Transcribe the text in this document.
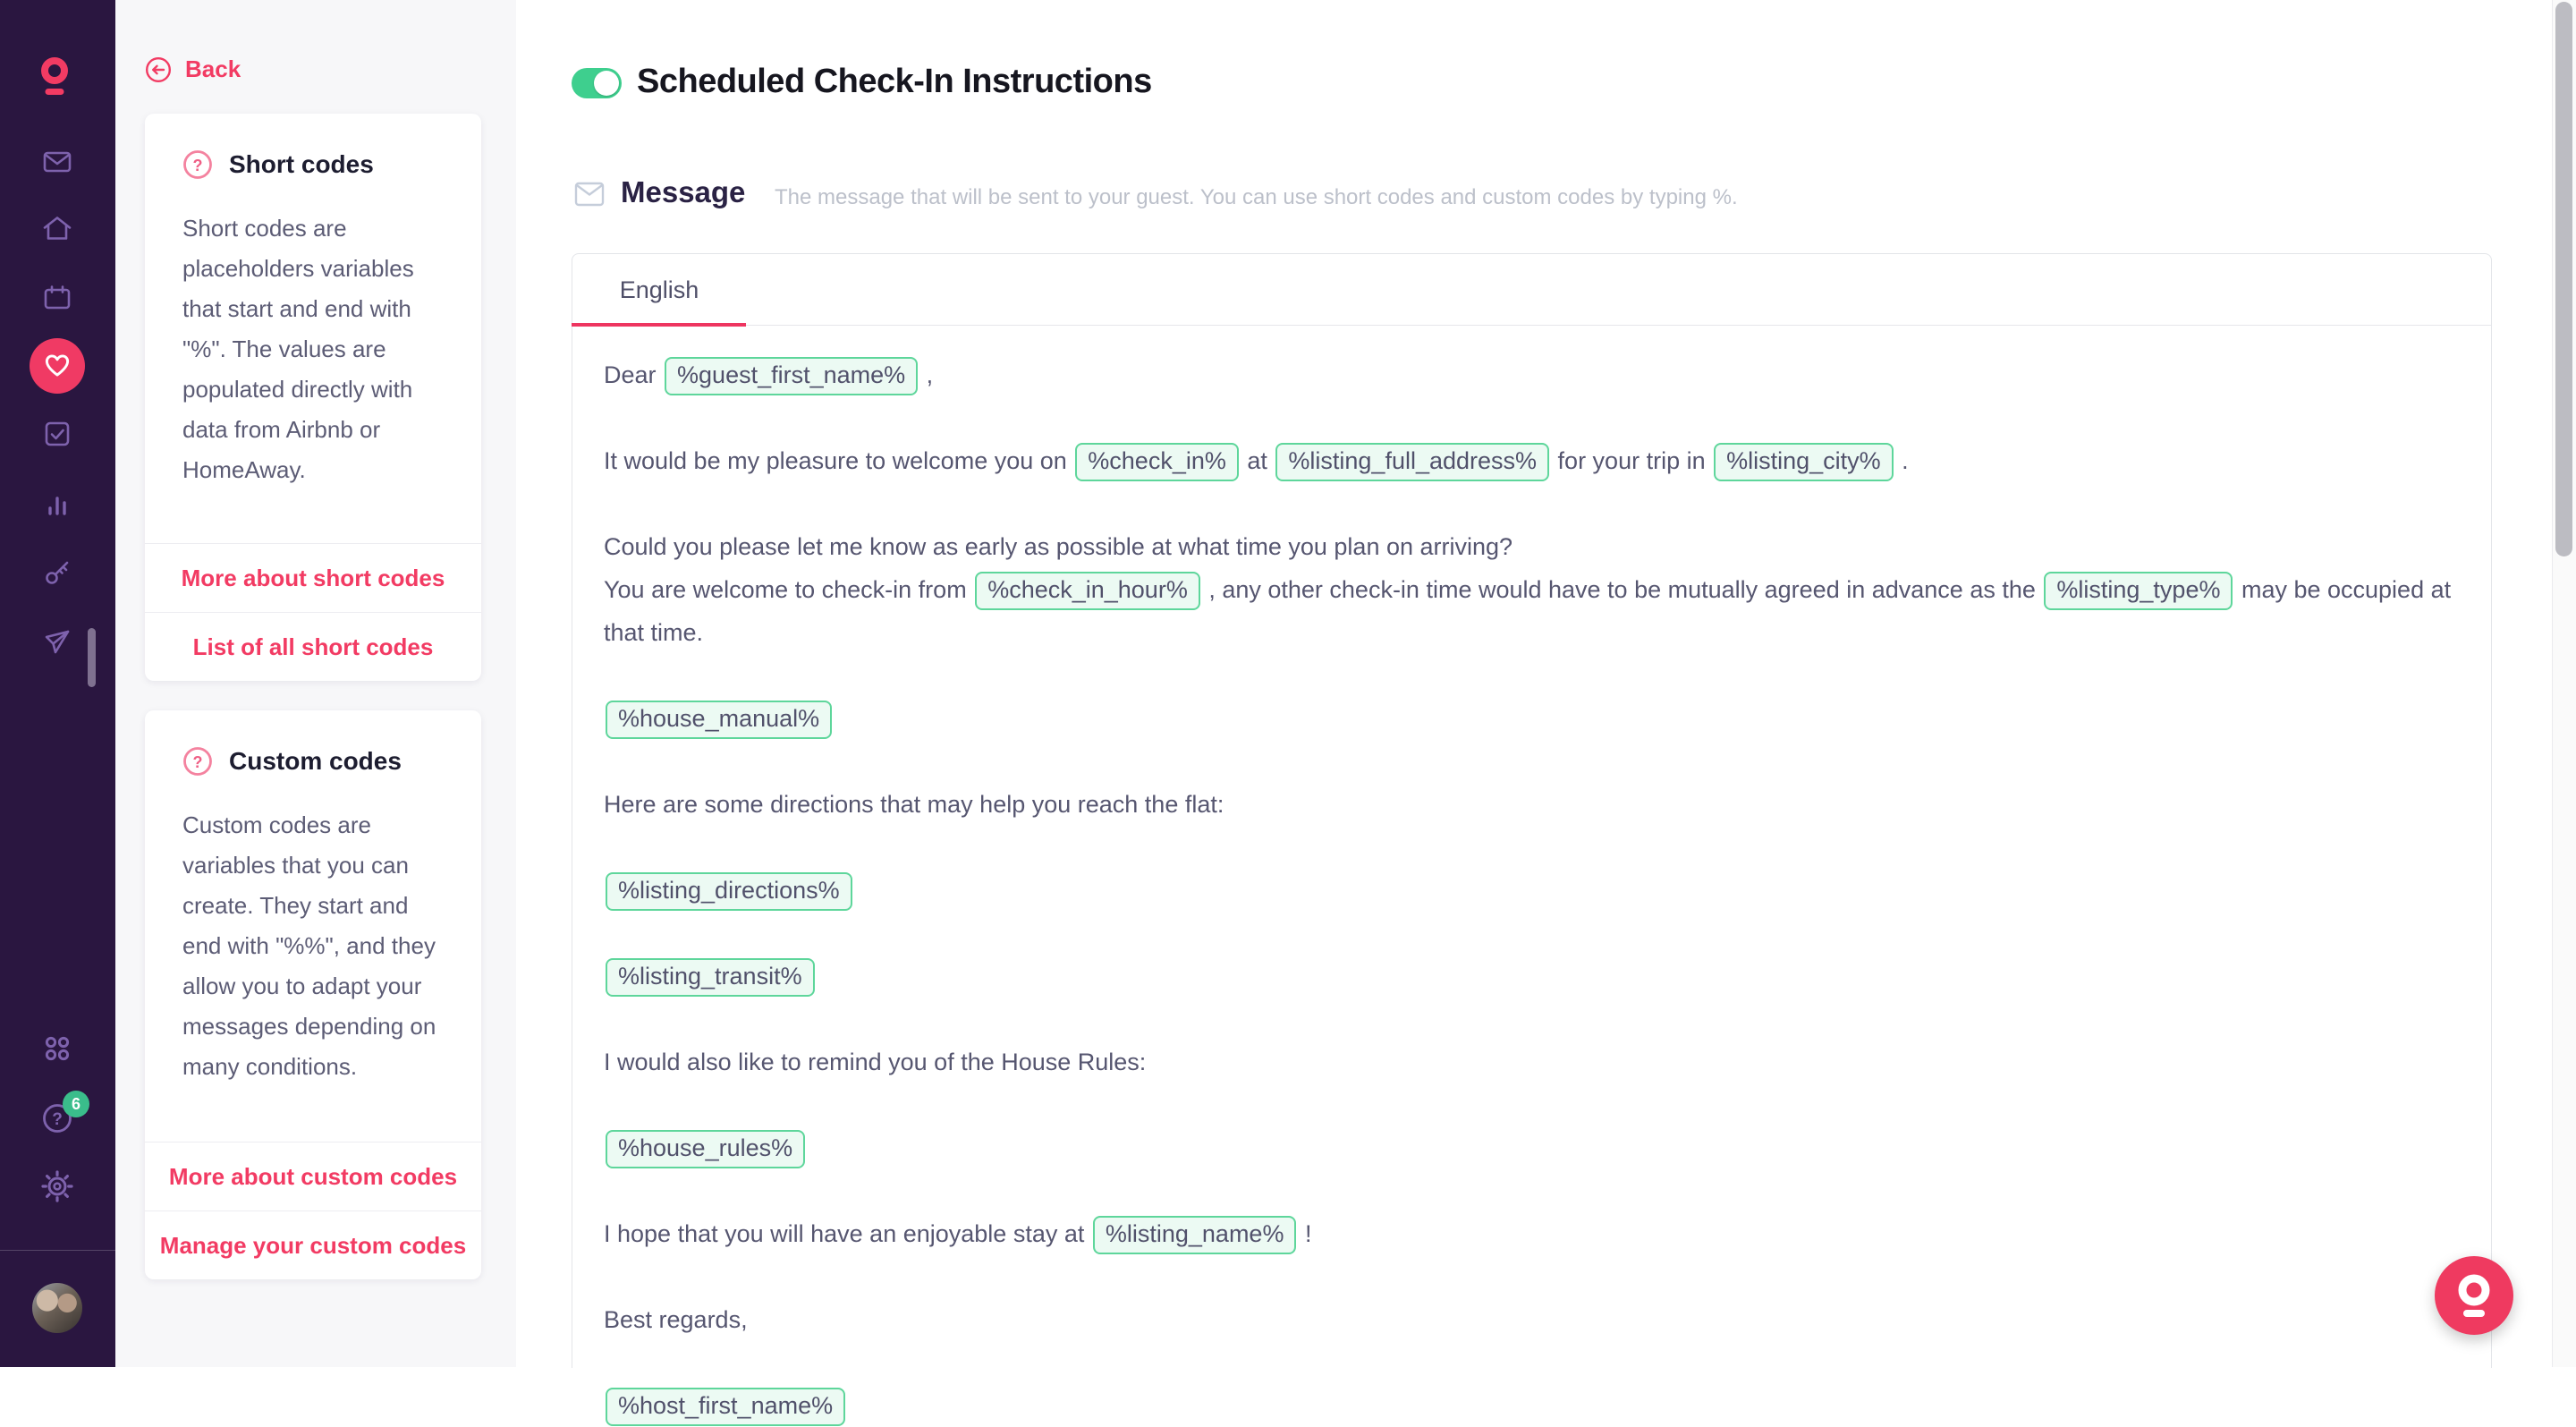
6
?
Back
? Short codes
Short codes are placeholders variables that start and end with "%". The values are populated directly with data from Airbnb or HomeAway.
More about short codes
List of all short codes
? Custom codes
Custom codes are variables that you can create. They start and end with "%%", and they allow you to adapt your messages depending on many conditions.
More about custom codes
Manage your custom codes
Scheduled Check-In Instructions
Message The message that will be sent to your guest. You can use short codes and custom codes by typing %.
English
Dear %guest_first_name% ,
It would be my pleasure to welcome you on %check_in% at %listing_full_address% for your trip in %listing_city% .
Could you please let me know as early as possible at what time you plan on arriving?
You are welcome to check-in from %check_in_hour% , any other check-in time would have to be mutually agreed in advance as the %listing_type% may be occupied at that time.
%house_manual%
Here are some directions that may help you reach the flat:
%listing_directions%
%listing_transit%
I would also like to remind you of the House Rules:
%house_rules%
I hope that you will have an enjoyable stay at %listing_name% !
Best regards,
%host_first_name%
